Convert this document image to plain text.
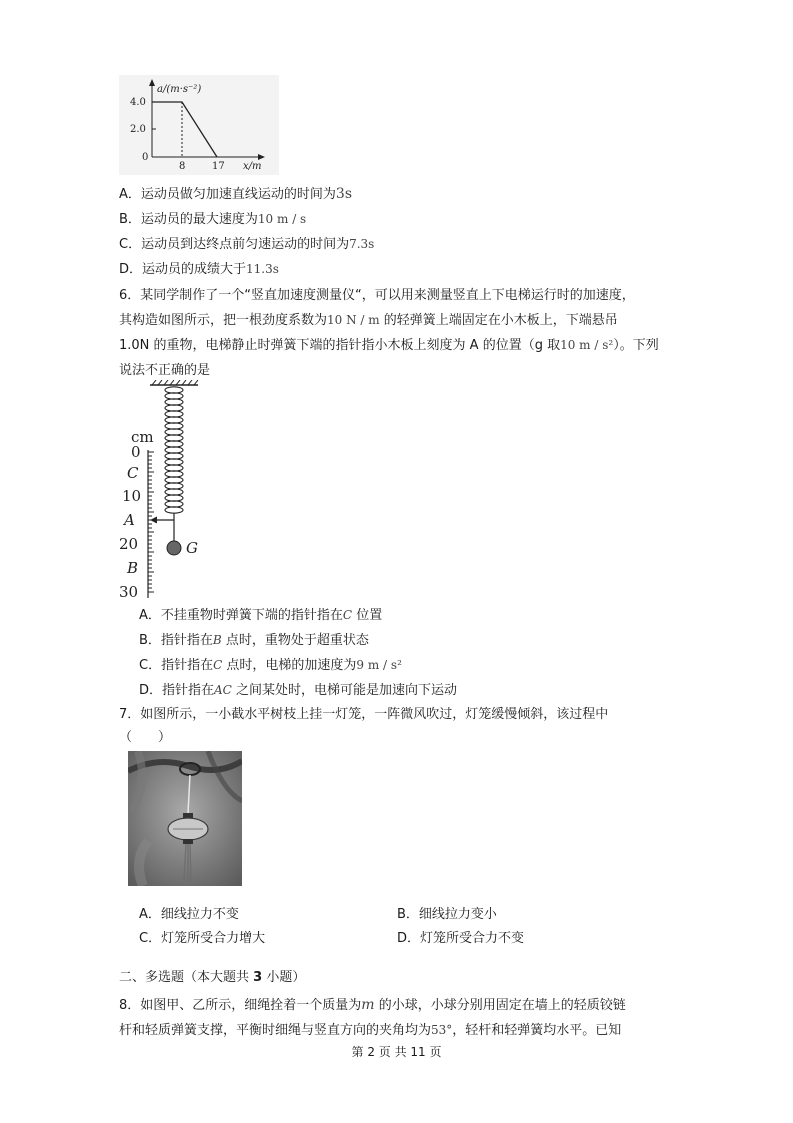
a/(m·s⁻²)
4.0
2.0
0
8	17 x/m
A．运动员做匀加速直线运动的时间为3s
B．运动员的最大速度为10 m / s
C．运动员到达终点前匀速运动的时间为7.3s
D．运动员的成绩大于11.3s
6．某同学制作了一个“竖直加速度测量仪“，可以用来测量竖直上下电梯运行时的加速度，
其构造如图所示，把一根劲度系数为10 N / m 的轻弹簧上端固定在小木板上，下端悬吊
1.0N 的重物，电梯静止时弹簧下端的指针指小木板上刻度为 A 的位置（g 取10 m / s²）。下列
说法不正确的是
G
cm
0
C
10
A
20
B
30
A．不挂重物时弹簧下端的指针指在C 位置
B．指针指在B 点时，重物处于超重状态
C．指针指在C 点时，电梯的加速度为9 m / s²
D．指针指在AC 之间某处时，电梯可能是加速向下运动
7．如图所示，一小截水平树枝上挂一灯笼，一阵微风吹过，灯笼缓慢倾斜，该过程中
（　　）
A．细线拉力不变	B．细线拉力变小
C．灯笼所受合力增大	D．灯笼所受合力不变
二、多选题（本大题共 3 小题）
8．如图甲、乙所示，细绳拴着一个质量为m 的小球，小球分别用固定在墙上的轻质铰链
杆和轻质弹簧支撑，平衡时细绳与竖直方向的夹角均为53°，轻杆和轻弹簧均水平。已知
第 2 页 共 11 页
